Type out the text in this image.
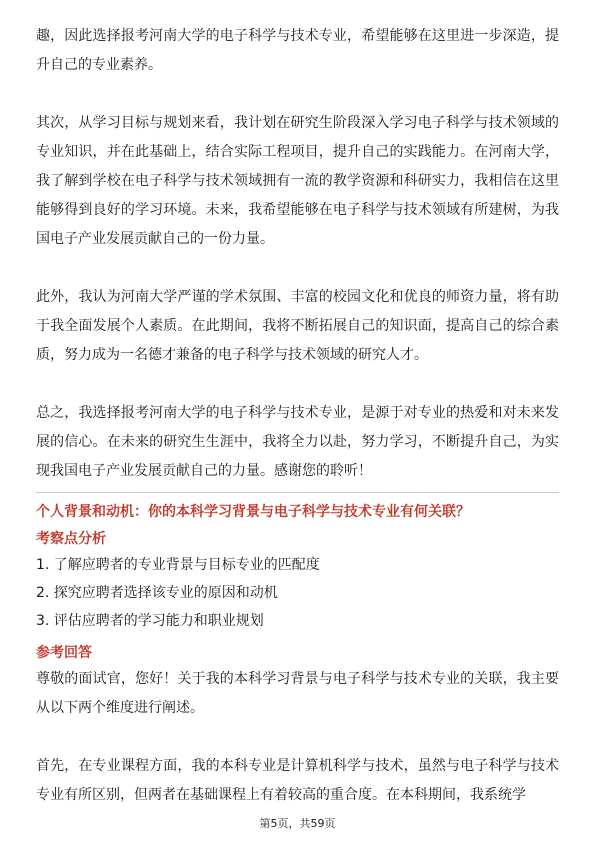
趣，因此选择报考河南大学的电子科学与技术专业，希望能够在这里进一步深造，提升自己的专业素养。

其次，从学习目标与规划来看，我计划在研究生阶段深入学习电子科学与技术领域的专业知识，并在此基础上，结合实际工程项目，提升自己的实践能力。在河南大学，我了解到学校在电子科学与技术领域拥有一流的教学资源和科研实力，我相信在这里能够得到良好的学习环境。未来，我希望能够在电子科学与技术领域有所建树，为我国电子产业发展贡献自己的一份力量。

此外，我认为河南大学严谨的学术氛围、丰富的校园文化和优良的师资力量，将有助于我全面发展个人素质。在此期间，我将不断拓展自己的知识面，提高自己的综合素质，努力成为一名德才兼备的电子科学与技术领域的研究人才。

总之，我选择报考河南大学的电子科学与技术专业，是源于对专业的热爱和对未来发展的信心。在未来的研究生生涯中，我将全力以赴，努力学习，不断提升自己，为实现我国电子产业发展贡献自己的力量。感谢您的聆听！

个人背景和动机：你的本科学习背景与电子科学与技术专业有何关联？

考察点分析

1. 了解应聘者的专业背景与目标专业的匹配度

2. 探究应聘者选择该专业的原因和动机

3. 评估应聘者的学习能力和职业规划

参考回答

尊敬的面试官，您好！关于我的本科学习背景与电子科学与技术专业的关联，我主要从以下两个维度进行阐述。

首先，在专业课程方面，我的本科专业是计算机科学与技术，虽然与电子科学与技术专业有所区别，但两者在基础课程上有着较高的重合度。在本科期间，我系统学

第5页，共59页
